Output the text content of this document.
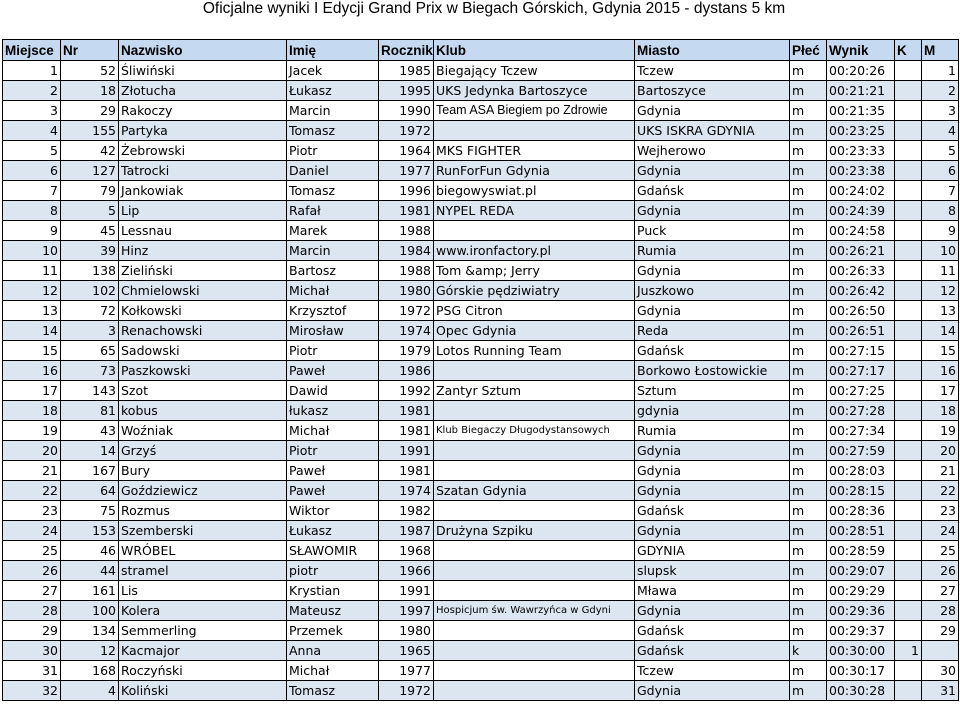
Oficjalne wyniki I Edycji Grand Prix w Biegach Górskich, Gdynia 2015 - dystans 5 km
Miejsce	Nr	Nazwisko	Imię	Rocznik	Klub	Miasto	Płeć	Wynik	K	M
1	52	Śliwiński	Jacek	1985	Biegający Tczew	Tczew	m	00:20:26		1
2	18	Złotucha	Łukasz	1995	UKS Jedynka Bartoszyce	Bartoszyce	m	00:21:21		2
3	29	Rakoczy	Marcin	1990	Team ASA Biegiem po Zdrowie	Gdynia	m	00:21:35		3
4	155	Partyka	Tomasz	1972		UKS ISKRA GDYNIA	m	00:23:25		4
5	42	Żebrowski	Piotr	1964	MKS FIGHTER	Wejherowo	m	00:23:33		5
6	127	Tatrocki	Daniel	1977	RunForFun Gdynia	Gdynia	m	00:23:38		6
7	79	Jankowiak	Tomasz	1996	biegowyswiat.pl	Gdańsk	m	00:24:02		7
8	5	Lip	Rafał	1981	NYPEL REDA	Gdynia	m	00:24:39		8
9	45	Lessnau	Marek	1988		Puck	m	00:24:58		9
10	39	Hinz	Marcin	1984	www.ironfactory.pl	Rumia	m	00:26:21		10
11	138	Zieliński	Bartosz	1988	Tom &amp; Jerry	Gdynia	m	00:26:33		11
12	102	Chmielowski	Michał	1980	Górskie pędziwiatry	Juszkowo	m	00:26:42		12
13	72	Kołkowski	Krzysztof	1972	PSG Citron	Gdynia	m	00:26:50		13
14	3	Renachowski	Mirosław	1974	Opec Gdynia	Reda	m	00:26:51		14
15	65	Sadowski	Piotr	1979	Lotos Running Team	Gdańsk	m	00:27:15		15
16	73	Paszkowski	Paweł	1986		Borkowo Łostowickie	m	00:27:17		16
17	143	Szot	Dawid	1992	Zantyr Sztum	Sztum	m	00:27:25		17
18	81	kobus	łukasz	1981		gdynia	m	00:27:28		18
19	43	Woźniak	Michał	1981	Klub Biegaczy Długodystansowych	Rumia	m	00:27:34		19
20	14	Grzyś	Piotr	1991		Gdynia	m	00:27:59		20
21	167	Bury	Paweł	1981		Gdynia	m	00:28:03		21
22	64	Goździewicz	Paweł	1974	Szatan Gdynia	Gdynia	m	00:28:15		22
23	75	Rozmus	Wiktor	1982		Gdańsk	m	00:28:36		23
24	153	Szemberski	Łukasz	1987	Drużyna Szpiku	Gdynia	m	00:28:51		24
25	46	WRÓBEL	SŁAWOMIR	1968		GDYNIA	m	00:28:59		25
26	44	stramel	piotr	1966		slupsk	m	00:29:07		26
27	161	Lis	Krystian	1991		Mława	m	00:29:29		27
28	100	Kolera	Mateusz	1997	Hospicjum św. Wawrzyńca w Gdyni	Gdynia	m	00:29:36		28
29	134	Semmerling	Przemek	1980		Gdańsk	m	00:29:37		29
30	12	Kacmajor	Anna	1965		Gdańsk	k	00:30:00	1	
31	168	Roczyński	Michał	1977		Tczew	m	00:30:17		30
32	4	Koliński	Tomasz	1972		Gdynia	m	00:30:28		31
